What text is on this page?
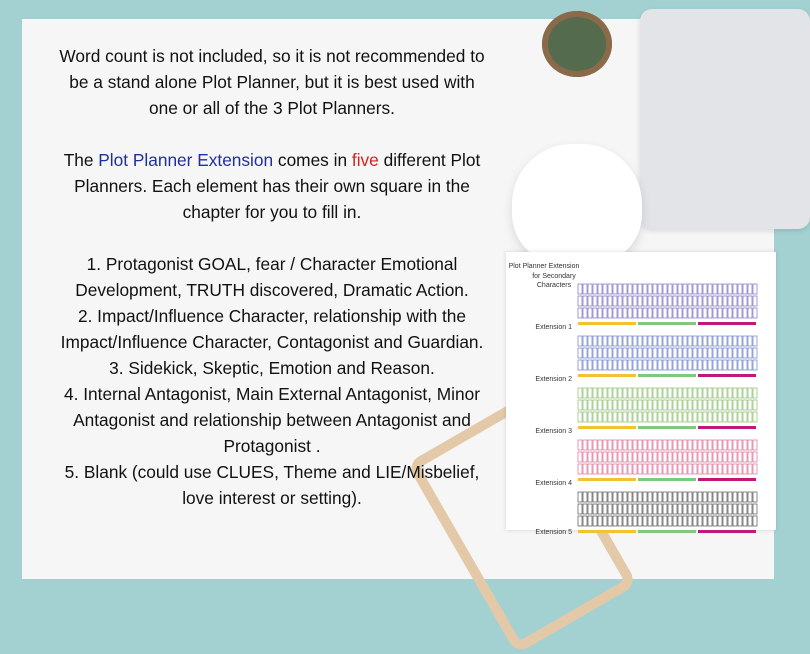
Word count is not included, so it is not recommended to

be a stand alone Plot Planner, but it is best used with

one or all of the 3 Plot Planners.

The Plot Planner Extension comes in five different Plot

Planners. Each element has their own square in the

chapter for you to fill in.

1. Protagonist GOAL, fear / Character Emotional

Development, TRUTH discovered, Dramatic Action.

2. Impact/Influence Character, relationship with the

Impact/Influence Character, Contagonist and Guardian.

3. Sidekick, Skeptic, Emotion and Reason.

4. Internal Antagonist, Main External Antagonist, Minor

Antagonist and relationship between Antagonist and

Protagonist .

5. Blank (could use CLUES, Theme and LIE/Misbelief,

love interest or setting).

Plot Planner Extension
for Secondary
Characters
Extension 1
Extension 2
Extension 3
Extension 4
Extension 5
